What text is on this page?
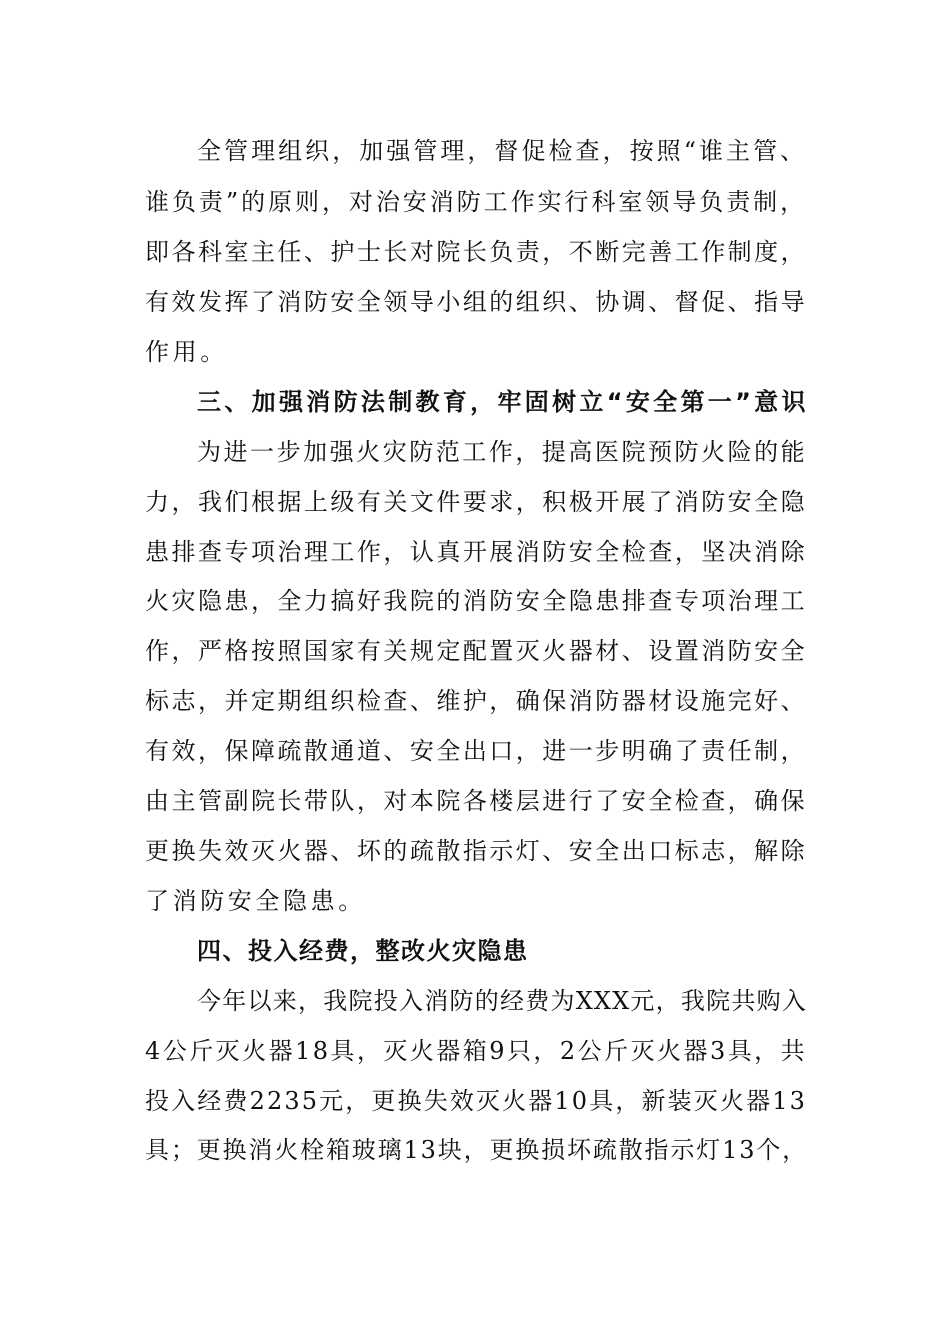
全管理组织，加强管理，督促检查，按照“谁主管、
谁负责”的原则，对治安消防工作实行科室领导负责制，
即各科室主任、护士长对院长负责，不断完善工作制度，
有效发挥了消防安全领导小组的组织、协调、督促、指导
作用。
三、加强消防法制教育，牢固树立“安全第一”意识
为进一步加强火灾防范工作，提高医院预防火险的能
力，我们根据上级有关文件要求，积极开展了消防安全隐
患排查专项治理工作，认真开展消防安全检查，坚决消除
火灾隐患，全力搞好我院的消防安全隐患排查专项治理工
作，严格按照国家有关规定配置灭火器材、设置消防安全
标志，并定期组织检查、维护，确保消防器材设施完好、
有效，保障疏散通道、安全出口，进一步明确了责任制，
由主管副院长带队，对本院各楼层进行了安全检查，确保
更换失效灭火器、坏的疏散指示灯、安全出口标志，解除
了消防安全隐患。
四、投入经费，整改火灾隐患
今年以来，我院投入消防的经费为XXX元，我院共购入
4公斤灭火器18具，灭火器箱9只，2公斤灭火器3具，共
投入经费2235元，更换失效灭火器10具，新装灭火器13
具；更换消火栓箱玻璃13块，更换损坏疏散指示灯13个，
